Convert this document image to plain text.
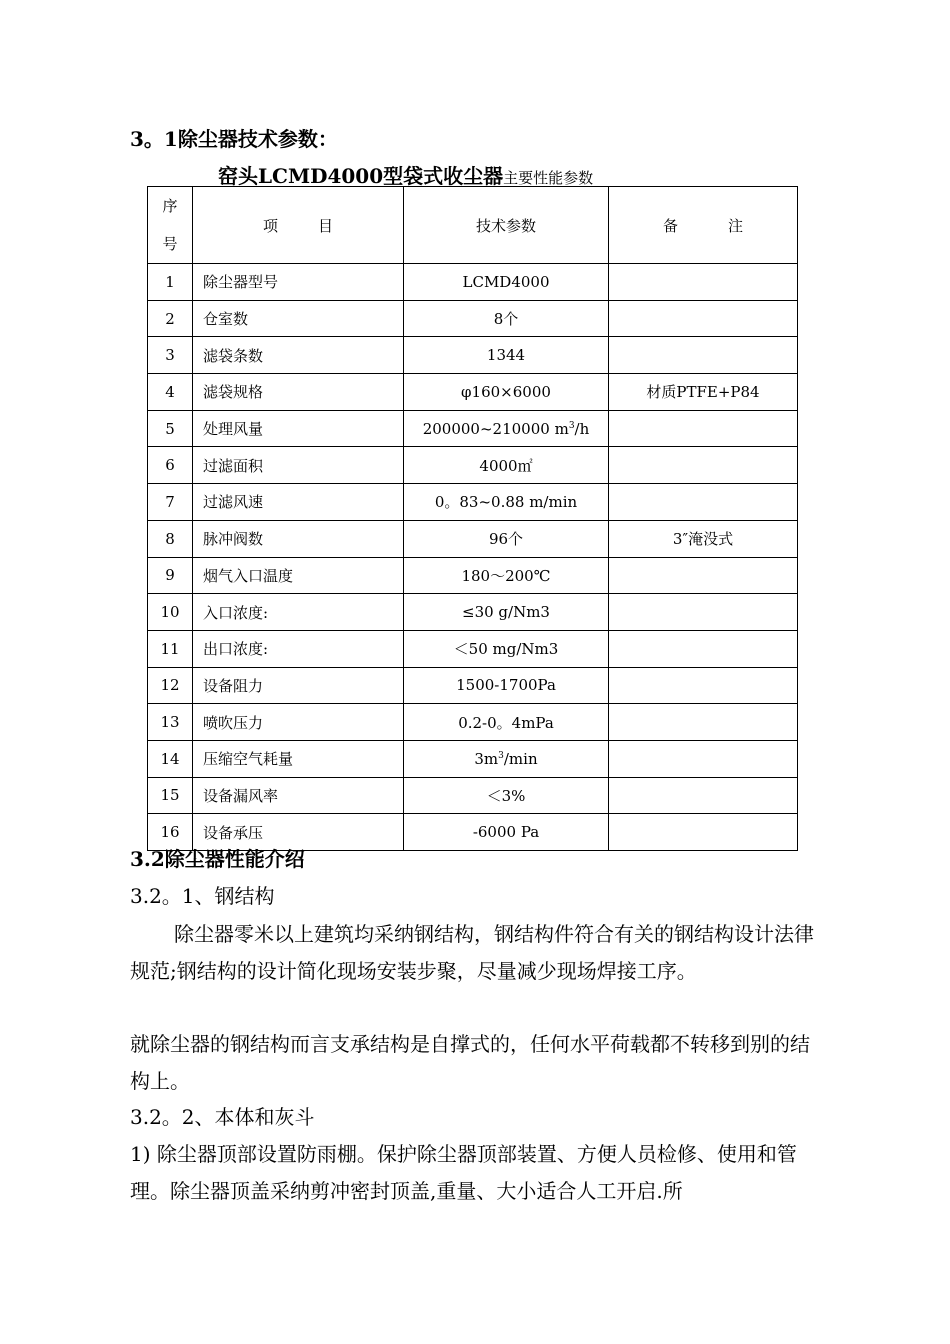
3。1除尘器技术参数：
窑头LCMD4000型袋式收尘器主要性能参数
序
号	项目	技术参数	备注
1	除尘器型号	LCMD4000	
2	仓室数	8个	
3	滤袋条数	1344	
4	滤袋规格	φ160×6000	材质PTFE+P84
5	处理风量	200000~210000 $m^3/h$	
6	过滤面积	4000㎡	
7	过滤风速	0。83~0.88 m/min	
8	脉冲阀数	96个	3″淹没式
9	烟气入口温度	180～200℃	
10	入口浓度:	≤30 g/Nm3	
11	出口浓度:	＜50 mg/Nm3	
12	设备阻力	1500-1700Pa	
13	喷吹压力	0.2-0。4mPa	
14	压缩空气耗量	$3m^3/\min$	
15	设备漏风率	＜3%	
16	设备承压	-6000 Pa	
3.2除尘器性能介绍
3.2。1、钢结构
除尘器零米以上建筑均采纳钢结构，钢结构件符合有关的钢结构设计法律规范;钢结构的设计简化现场安装步聚，尽量减少现场焊接工序。
就除尘器的钢结构而言支承结构是自撑式的，任何水平荷载都不转移到别的结构上。
3.2。2、本体和灰斗
1) 除尘器顶部设置防雨棚。保护除尘器顶部装置、方便人员检修、使用和管理。除尘器顶盖采纳剪冲密封顶盖,重量、大小适合人工开启.所
